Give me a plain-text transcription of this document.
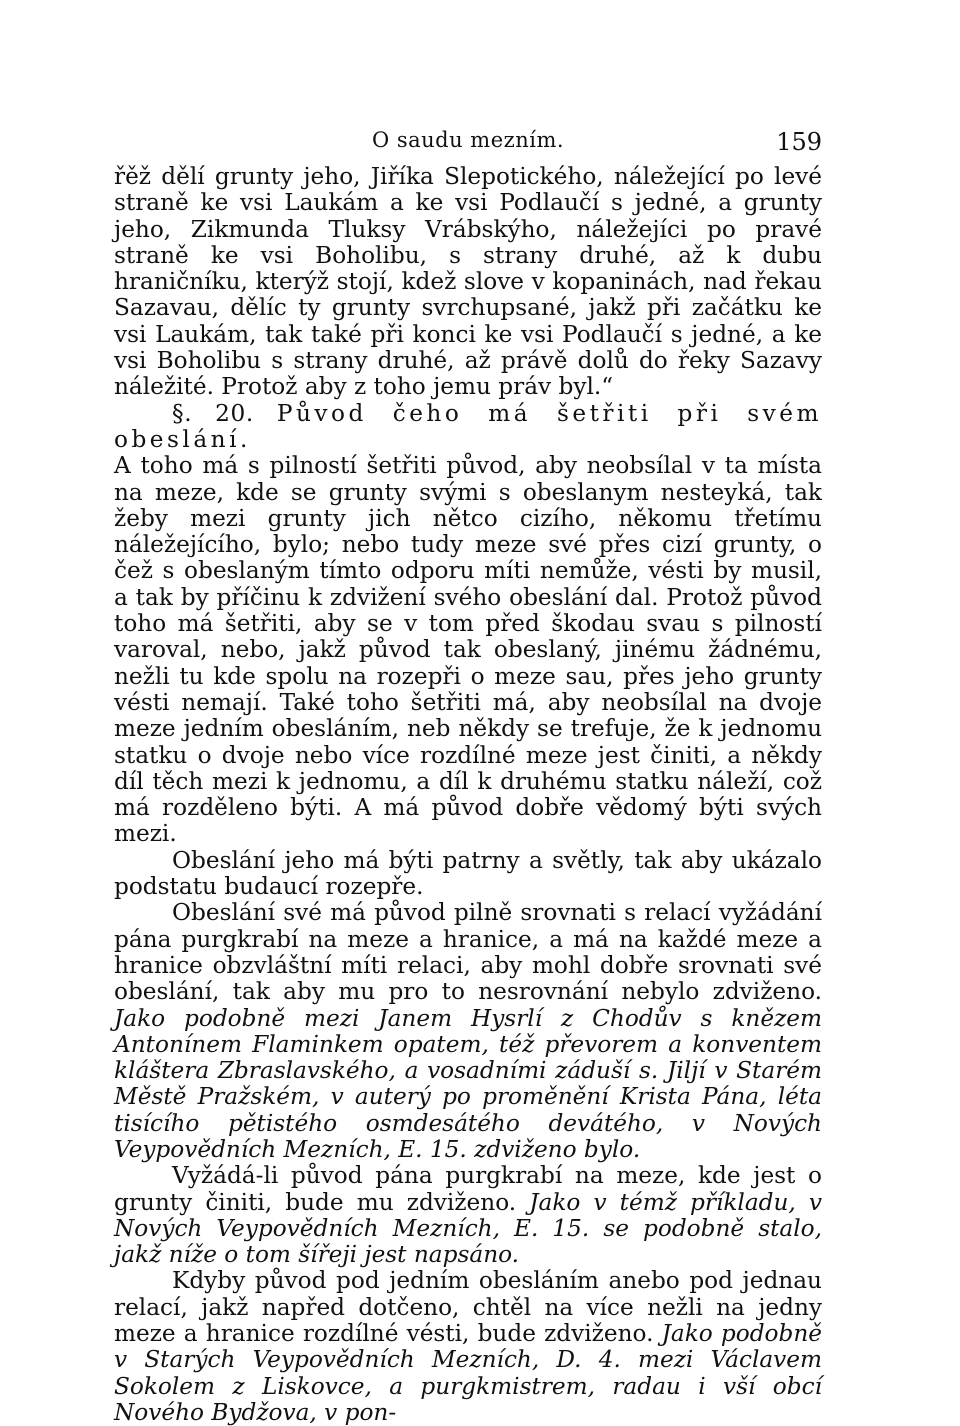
O saudu mezním.	159

řěž dělí grunty jeho, Jiříka Slepotického, náležející po levé straně ke vsi Laukám a ke vsi Podlaučí s jedné, a grunty jeho, Zikmunda Tluksy Vrábskýho, náležejíci po pravé straně ke vsi Boholibu, s strany druhé, až k dubu hraničníku, kterýž stojí, kdež slove v kopaninách, nad řekau Sazavau, dělíc ty grunty svrchupsané, jakž při začátku ke vsi Laukám, tak také při konci ke vsi Podlaučí s jedné, a ke vsi Boholibu s strany druhé, až právě dolů do řeky Sazavy náležité. Protož aby z toho jemu práv byl.“

§. 20. Původ čeho má šetřiti při svém obeslání.

A toho má s pilností šetřiti původ, aby neobsílal v ta místa na meze, kde se grunty svými s obeslanym nesteyká, tak žeby mezi grunty jich nětco cizího, někomu třetímu náležejícího, bylo; nebo tudy meze své přes cizí grunty, o čež s obeslaným tímto odporu míti nemůže, vésti by musil, a tak by příčinu k zdvižení svého obeslání dal. Protož původ toho má šetřiti, aby se v tom před škodau svau s pilností varoval, nebo, jakž původ tak obeslaný, jinému žádnému, nežli tu kde spolu na rozepři o meze sau, přes jeho grunty vésti nemají. Také toho šetřiti má, aby neobsílal na dvoje meze jedním obesláním, neb někdy se trefuje, že k jednomu statku o dvoje nebo více rozdílné meze jest činiti, a někdy díl těch mezi k jednomu, a díl k druhému statku náleží, což má rozděleno býti. A má původ dobře vědomý býti svých mezi.

Obeslání jeho má býti patrny a světly, tak aby ukázalo podstatu budaucí rozepře.

Obeslání své má původ pilně srovnati s relací vyžádání pána purgkrabí na meze a hranice, a má na každé meze a hranice obzvláštní míti relaci, aby mohl dobře srovnati své obeslání, tak aby mu pro to nesrovnání nebylo zdviženo. Jako podobně mezi Janem Hysrlí z Chodův s knězem Antonínem Flaminkem opatem, též převorem a konventem kláštera Zbraslavského, a vosadními záduší s. Jiljí v Starém Městě Pražském, v auterý po proměnění Krista Pána, léta tisícího pětistého osmdesátého devátého, v Nových Veypovědních Mezních, E. 15. zdviženo bylo.

Vyžádá-li původ pána purgkrabí na meze, kde jest o grunty činiti, bude mu zdviženo. Jako v témž příkladu, v Nových Veypovědních Mezních, E. 15. se podobně stalo, jakž níže o tom šířeji jest napsáno.

Kdyby původ pod jedním obesláním anebo pod jednau relací, jakž napřed dotčeno, chtěl na více nežli na jedny meze a hranice rozdílné vésti, bude zdviženo. Jako podobně v Starých Veypovědních Mezních, D. 4. mezi Václavem Sokolem z Liskovce, a purgkmistrem, radau i vší obcí Nového Bydžova, v pon-
